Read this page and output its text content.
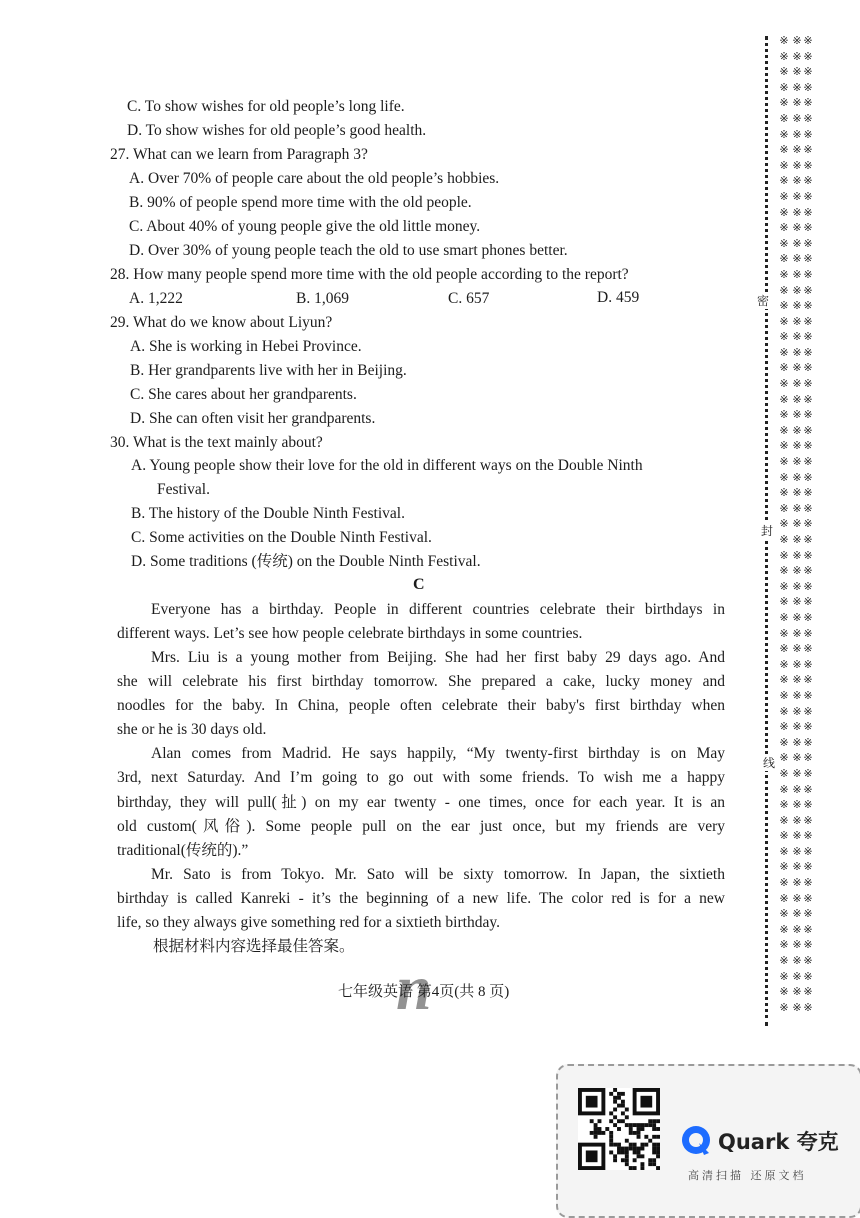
C. To show wishes for old people’s long life.
D. To show wishes for old people’s good health.
27. What can we learn from Paragraph 3?
A. Over 70% of people care about the old people’s hobbies.
B. 90% of people spend more time with the old people.
C. About 40% of young people give the old little money.
D. Over 30% of young people teach the old to use smart phones better.
28. How many people spend more time with the old people according to the report?
A. 1,222	B. 1,069	C. 657	D. 459
29. What do we know about Liyun?
A. She is working in Hebei Province.
B. Her grandparents live with her in Beijing.
C. She cares about her grandparents.
D. She can often visit her grandparents.
30. What is the text mainly about?
A. Young people show their love for the old in different ways on the Double Ninth
Festival.
B. The history of the Double Ninth Festival.
C. Some activities on the Double Ninth Festival.
D. Some traditions (传统) on the Double Ninth Festival.
C
Everyone has a birthday. People in different countries celebrate their birthdays in
different ways. Let’s see how people celebrate birthdays in some countries.
Mrs. Liu is a young mother from Beijing. She had her first baby 29 days ago. And
she will celebrate his first birthday tomorrow. She prepared a cake, lucky money and
noodles for the baby. In China, people often celebrate their baby's first birthday when
she or he is 30 days old.
Alan comes from Madrid. He says happily, “My twenty-first birthday is on May
3rd, next Saturday. And I’m going to go out with some friends. To wish me a happy
birthday, they will pull(扯) on my ear twenty - one times, once for each year. It is an
old custom(风俗). Some people pull on the ear just once, but my friends are very
traditional(传统的).”
Mr. Sato is from Tokyo. Mr. Sato will be sixty tomorrow. In Japan, the sixtieth
birthday is called Kanreki - it’s the beginning of a new life. The color red is for a new
life, so they always give something red for a sixtieth birthday.
根据材料内容选择最佳答案。
n
七年级英语 第4页(共 8 页)
※
※
※
※
※
※
※
※
※
※
※
※
※
※
※
※
※
※
※
※
※
※
※
※
※
※
※
※
※
※
※
※
※
※
※
※
※
※
※
※
※
※
※
※
※
※
※
※
※
※
※
※
※
※
※
※
※
※
※
※
※
※
※
※
※
※
※
※
※
※
※
※
※
※
※
※
※
※
※
※
※
※
※
※
※
※
※
※
※
※
※
※
※
※
※
※
※
※
※
※
※
※
※
※
※
※
※
※
※
※
※
※
※
※
※
※
※
※
※
※
※
※
※
※
※
※
※
※
※
※
※
※
※
※
※
※
※
※
※
※
※
※
※
※
※
※
※
※
※
※
※
※
※
※
※
※
※
※
※
※
※
※
※
※
※
※
※
※
※
※
※
※
※
※
※
※
※
※
※
※
※
※
※
※
※
※
※
※
※
密
封
线
Quark 夸克
高清扫描 还原文档
